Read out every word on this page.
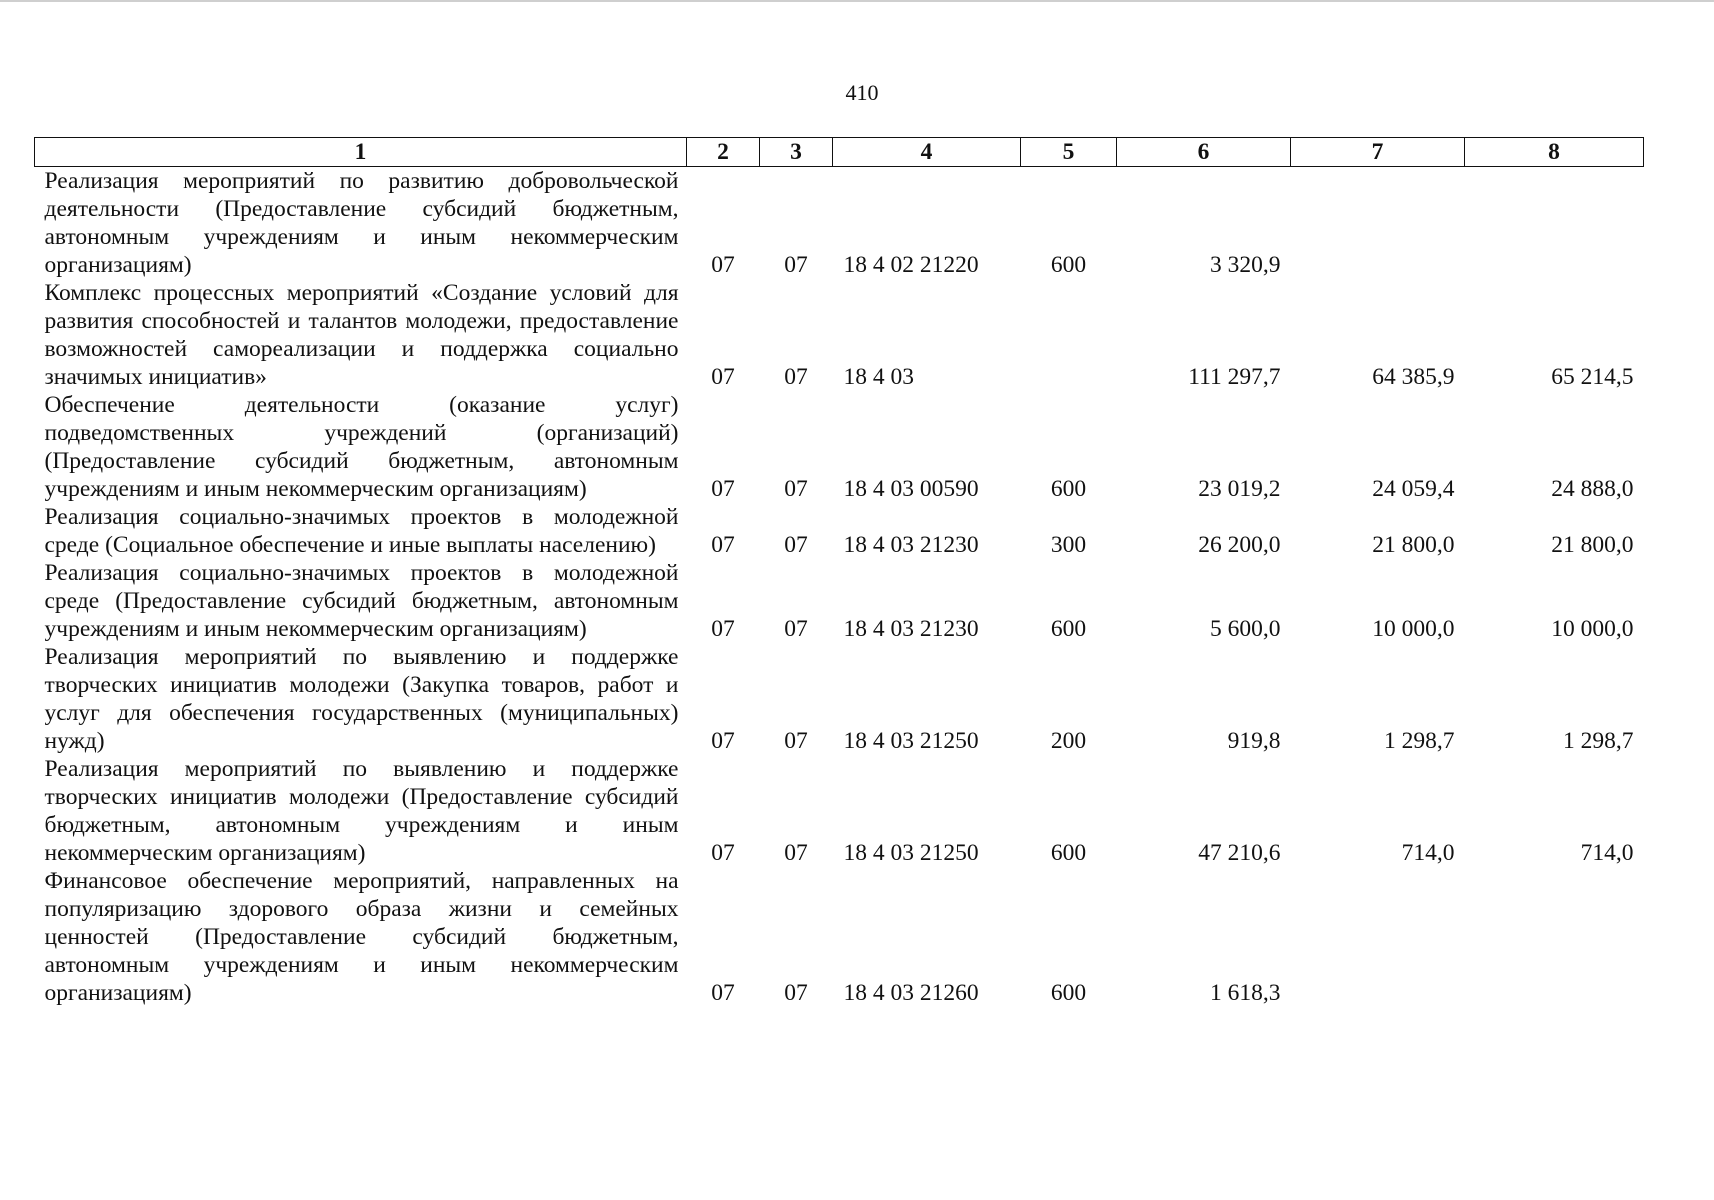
410
1	2	3	4	5	6	7	8
Реализация мероприятий по развитию добровольческой деятельности (Предоставление субсидий бюджетным, автономным учреждениям и иным некоммерческим организациям)	07	07	18 4 02 21220	600	3 320,9		
Комплекс процессных мероприятий «Создание условий для развития способностей и талантов молодежи, предоставление возможностей самореализации и поддержка социально значимых инициатив»	07	07	18 4 03		111 297,7	64 385,9	65 214,5
Обеспечение деятельности (оказание услуг) подведомственных учреждений (организаций) (Предоставление субсидий бюджетным, автономным учреждениям и иным некоммерческим организациям)	07	07	18 4 03 00590	600	23 019,2	24 059,4	24 888,0
Реализация социально-значимых проектов в молодежной среде (Социальное обеспечение и иные выплаты населению)	07	07	18 4 03 21230	300	26 200,0	21 800,0	21 800,0
Реализация социально-значимых проектов в молодежной среде (Предоставление субсидий бюджетным, автономным учреждениям и иным некоммерческим организациям)	07	07	18 4 03 21230	600	5 600,0	10 000,0	10 000,0
Реализация мероприятий по выявлению и поддержке творческих инициатив молодежи (Закупка товаров, работ и услуг для обеспечения государственных (муниципальных) нужд)	07	07	18 4 03 21250	200	919,8	1 298,7	1 298,7
Реализация мероприятий по выявлению и поддержке творческих инициатив молодежи (Предоставление субсидий бюджетным, автономным учреждениям и иным некоммерческим организациям)	07	07	18 4 03 21250	600	47 210,6	714,0	714,0
Финансовое обеспечение мероприятий, направленных на популяризацию здорового образа жизни и семейных ценностей (Предоставление субсидий бюджетным, автономным учреждениям и иным некоммерческим организациям)	07	07	18 4 03 21260	600	1 618,3		
